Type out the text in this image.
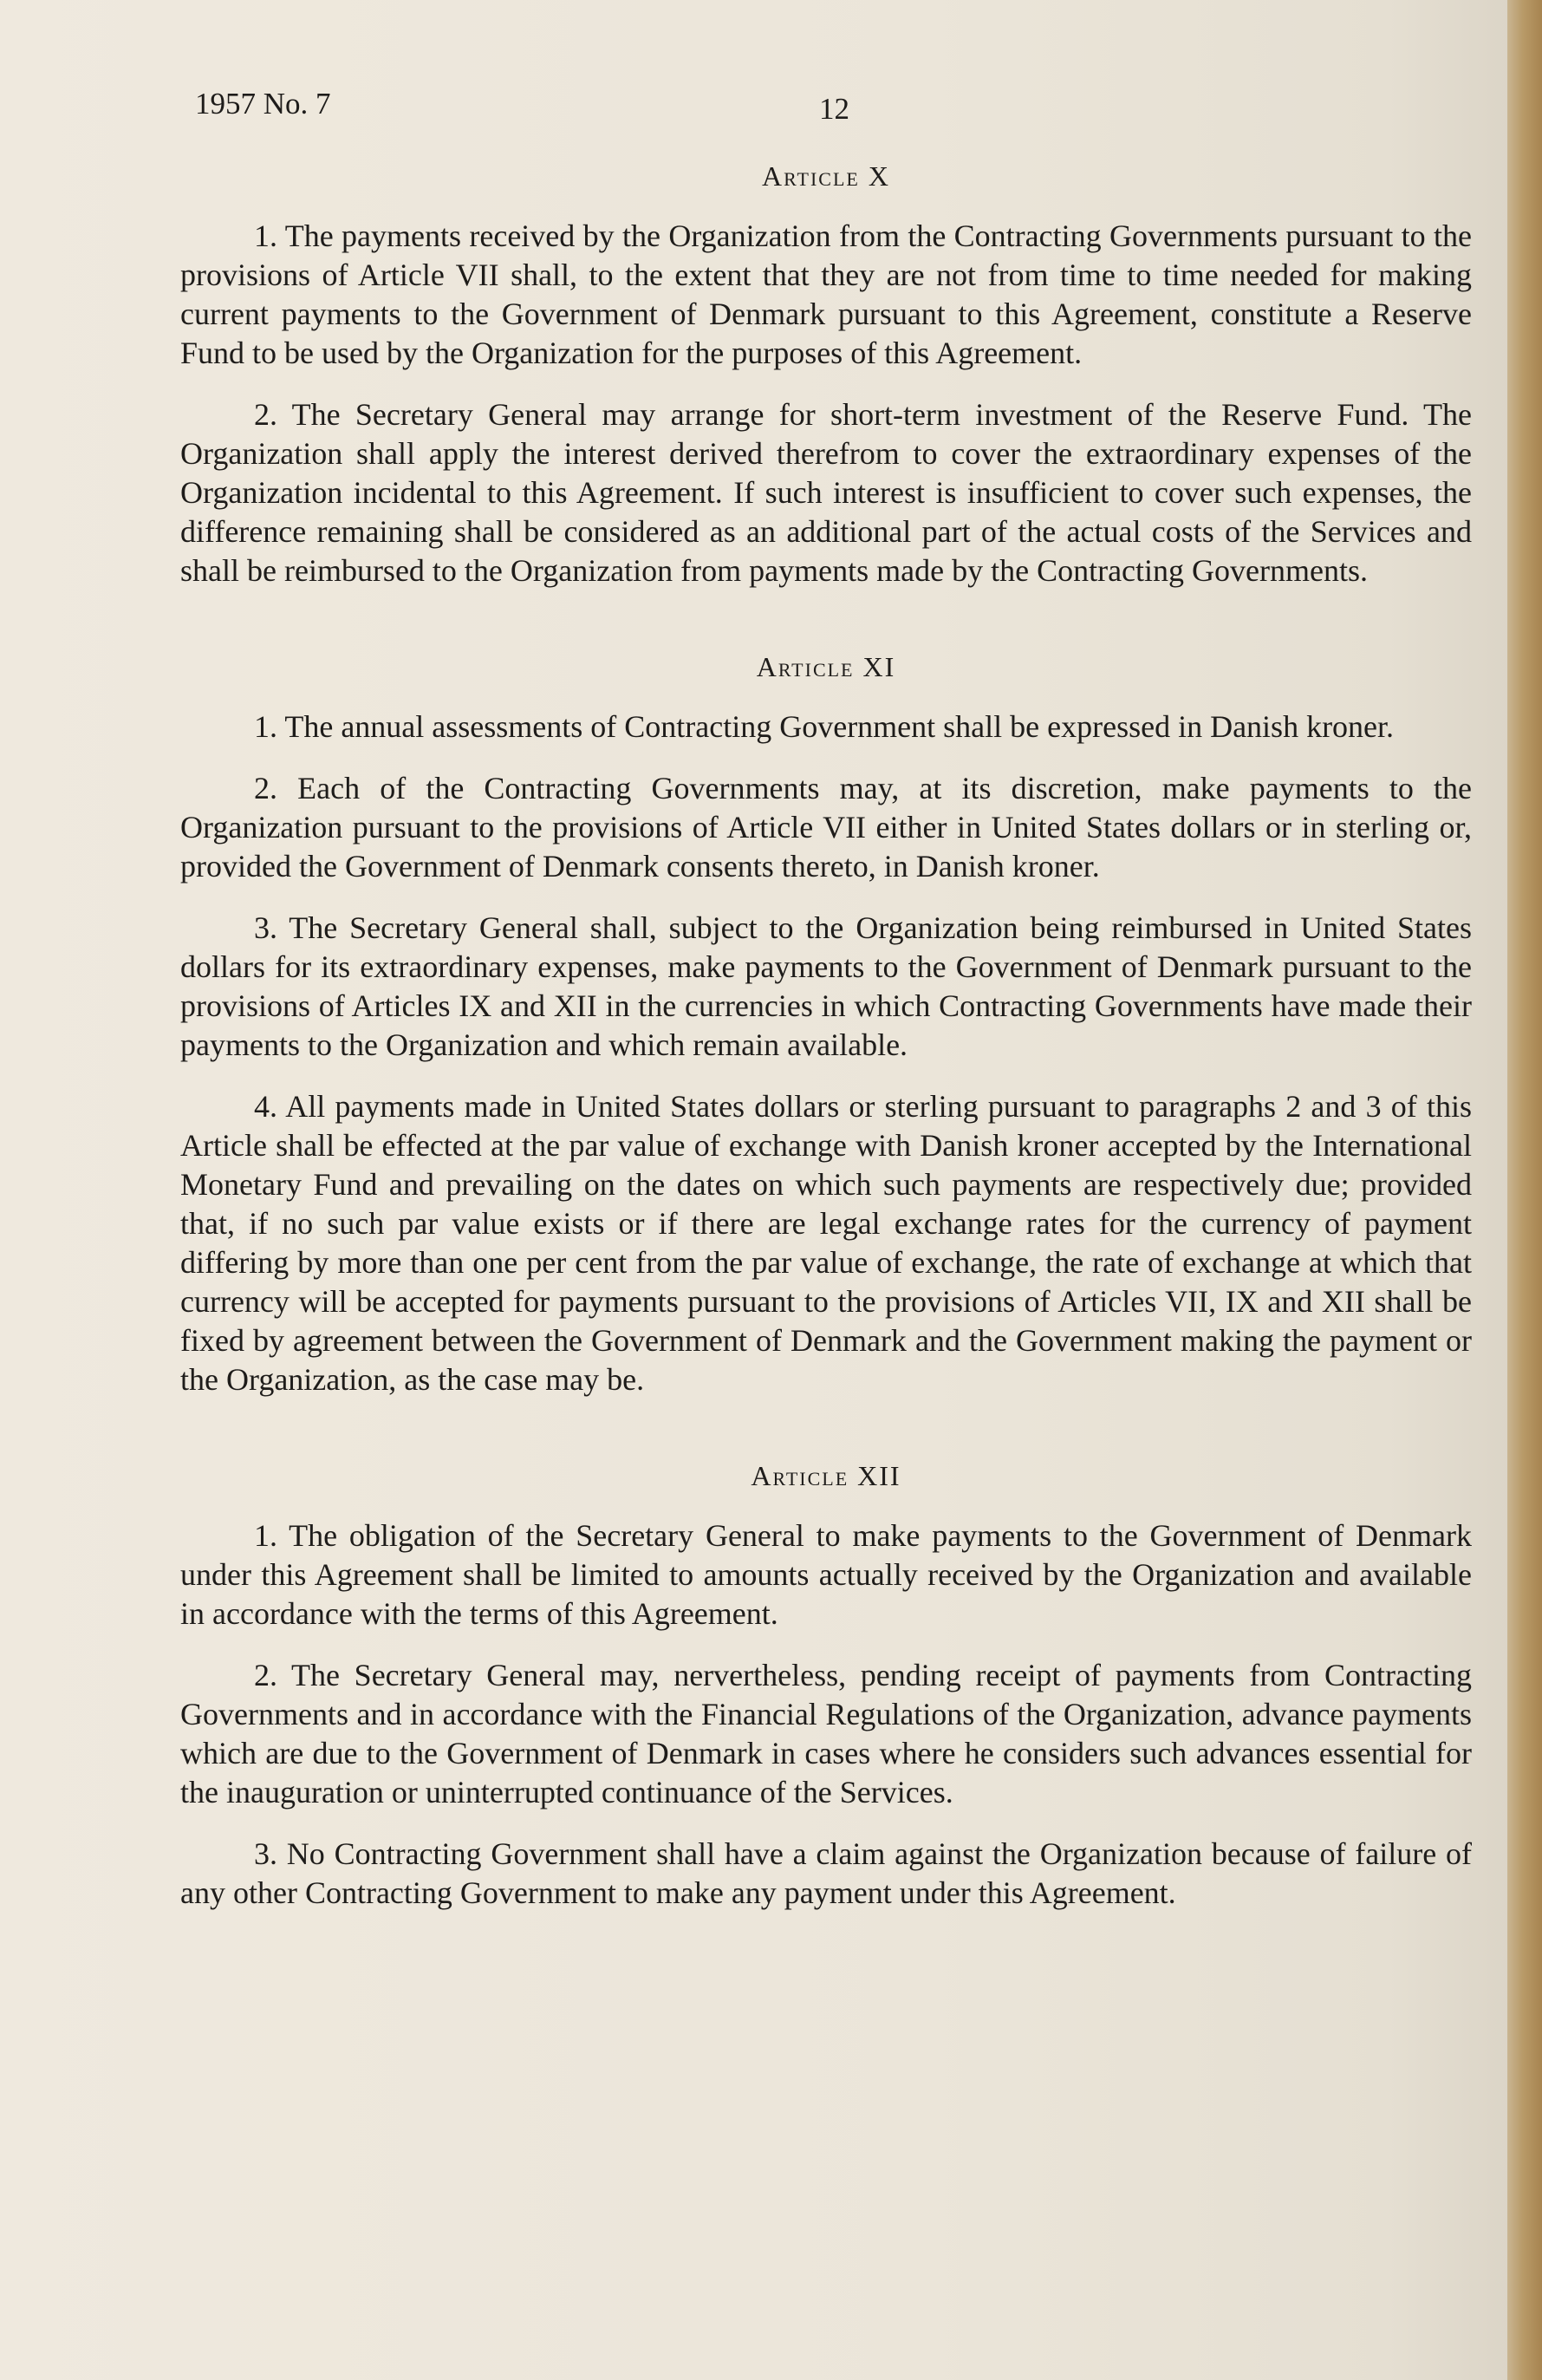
1957 No. 7	12
Article X

1. The payments received by the Organization from the Contracting Governments pursuant to the provisions of Article VII shall, to the extent that they are not from time to time needed for making current payments to the Government of Denmark pursuant to this Agreement, constitute a Reserve Fund to be used by the Organization for the purposes of this Agreement.

2. The Secretary General may arrange for short-term investment of the Reserve Fund. The Organization shall apply the interest derived therefrom to cover the extraordinary expenses of the Organization incidental to this Agreement. If such interest is insufficient to cover such expenses, the difference remaining shall be considered as an additional part of the actual costs of the Services and shall be reimbursed to the Organization from payments made by the Contracting Governments.

Article XI

1. The annual assessments of Contracting Government shall be expressed in Danish kroner.

2. Each of the Contracting Governments may, at its discretion, make payments to the Organization pursuant to the provisions of Article VII either in United States dollars or in sterling or, provided the Government of Denmark consents thereto, in Danish kroner.

3. The Secretary General shall, subject to the Organization being reimbursed in United States dollars for its extraordinary expenses, make payments to the Government of Denmark pursuant to the provisions of Articles IX and XII in the currencies in which Contracting Governments have made their payments to the Organization and which remain available.

4. All payments made in United States dollars or sterling pursuant to paragraphs 2 and 3 of this Article shall be effected at the par value of exchange with Danish kroner accepted by the International Monetary Fund and prevailing on the dates on which such payments are respectively due; provided that, if no such par value exists or if there are legal exchange rates for the currency of payment differing by more than one per cent from the par value of exchange, the rate of exchange at which that currency will be accepted for payments pursuant to the provisions of Articles VII, IX and XII shall be fixed by agreement between the Government of Denmark and the Government making the payment or the Organization, as the case may be.

Article XII

1. The obligation of the Secretary General to make payments to the Government of Denmark under this Agreement shall be limited to amounts actually received by the Organization and available in accordance with the terms of this Agreement.

2. The Secretary General may, nervertheless, pending receipt of payments from Contracting Governments and in accordance with the Financial Regulations of the Organization, advance payments which are due to the Government of Denmark in cases where he considers such advances essential for the inauguration or uninterrupted continuance of the Services.

3. No Contracting Government shall have a claim against the Organization because of failure of any other Contracting Government to make any payment under this Agreement.
